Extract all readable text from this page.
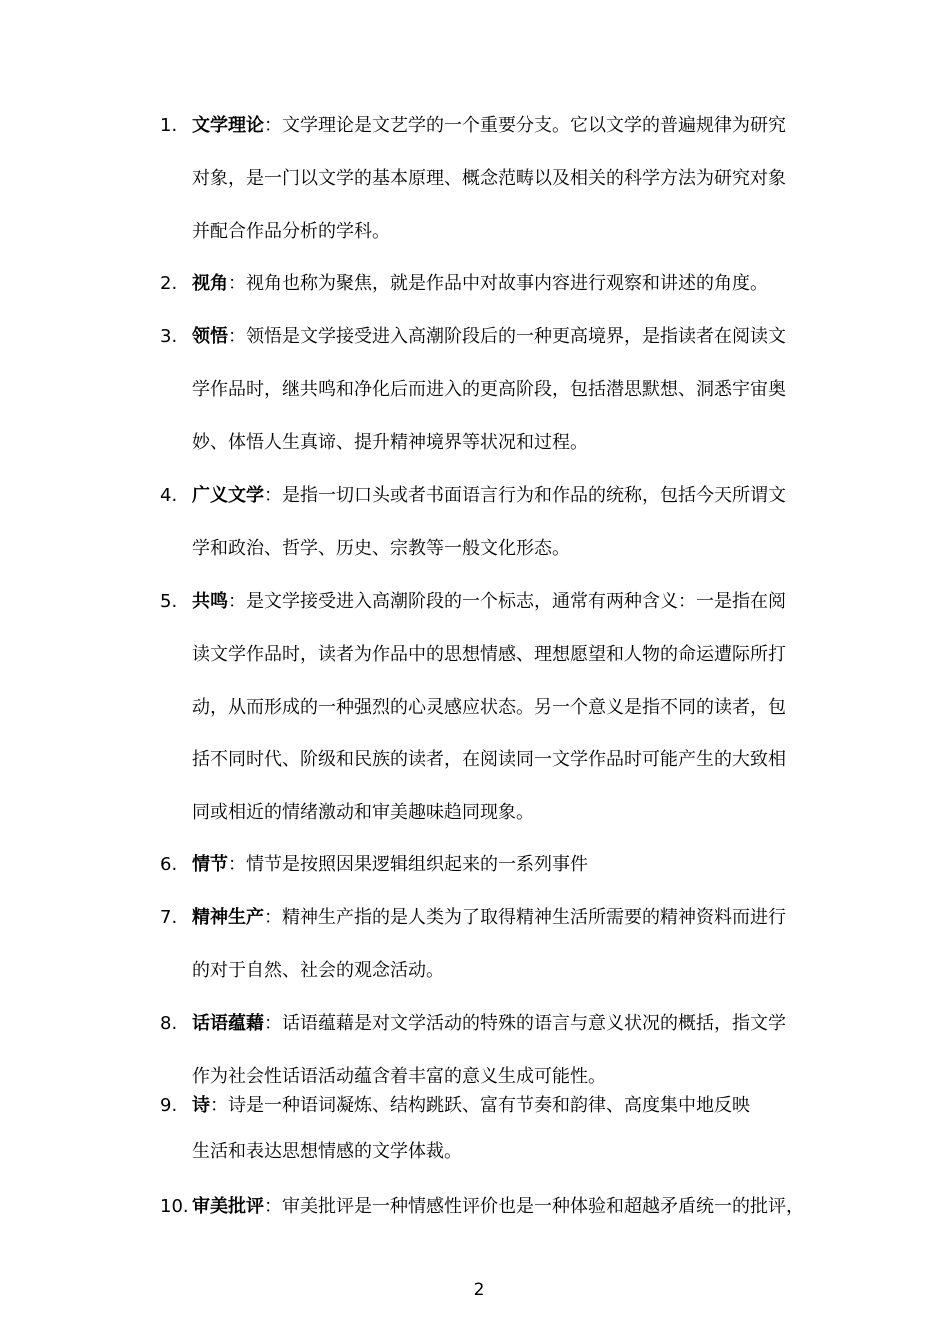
1. 文学理论：文学理论是文艺学的一个重要分支。它以文学的普遍规律为研究
对象，是一门以文学的基本原理、概念范畴以及相关的科学方法为研究对象
并配合作品分析的学科。
2. 视角：视角也称为聚焦，就是作品中对故事内容进行观察和讲述的角度。
3. 领悟：领悟是文学接受进入高潮阶段后的一种更高境界，是指读者在阅读文
学作品时，继共鸣和净化后而进入的更高阶段，包括潜思默想、洞悉宇宙奥
妙、体悟人生真谛、提升精神境界等状况和过程。
4. 广义文学：是指一切口头或者书面语言行为和作品的统称，包括今天所谓文
学和政治、哲学、历史、宗教等一般文化形态。
5. 共鸣：是文学接受进入高潮阶段的一个标志，通常有两种含义：一是指在阅
读文学作品时，读者为作品中的思想情感、理想愿望和人物的命运遭际所打
动，从而形成的一种强烈的心灵感应状态。另一个意义是指不同的读者，包
括不同时代、阶级和民族的读者，在阅读同一文学作品时可能产生的大致相
同或相近的情绪激动和审美趣味趋同现象。
6. 情节：情节是按照因果逻辑组织起来的一系列事件
7. 精神生产：精神生产指的是人类为了取得精神生活所需要的精神资料而进行
的对于自然、社会的观念活动。
8. 话语蕴藉：话语蕴藉是对文学活动的特殊的语言与意义状况的概括，指文学
作为社会性话语活动蕴含着丰富的意义生成可能性。
9. 诗：诗是一种语词凝炼、结构跳跃、富有节奏和韵律、高度集中地反映
生活和表达思想情感的文学体裁。
10. 审美批评：审美批评是一种情感性评价也是一种体验和超越矛盾统一的批评，
2
